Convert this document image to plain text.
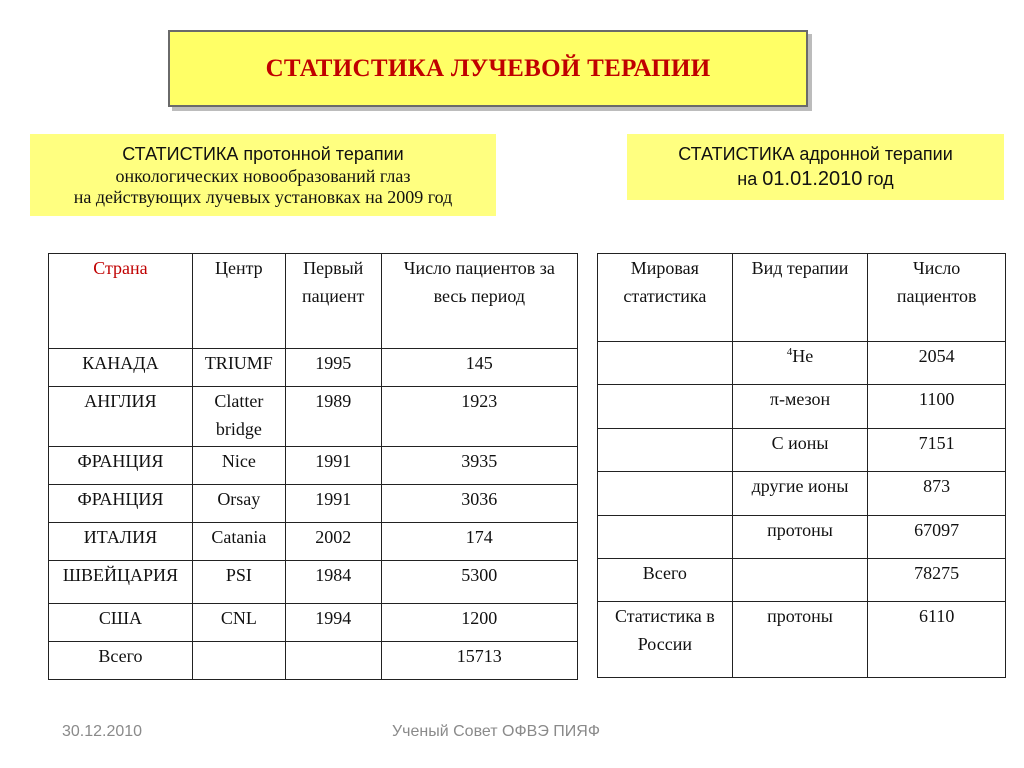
СТАТИСТИКА ЛУЧЕВОЙ ТЕРАПИИ
СТАТИСТИКА протонной терапии
онкологических новообразований глаз
на действующих лучевых установках на 2009 год
СТАТИСТИКА адронной терапии
на 01.01.2010 год
Страна	Центр	Первый пациент	Число пациентов за весь период
КАНАДА	TRIUMF	1995	145
АНГЛИЯ	Clatter bridge	1989	1923
ФРАНЦИЯ	Nice	1991	3935
ФРАНЦИЯ	Orsay	1991	3036
ИТАЛИЯ	Catania	2002	174
ШВЕЙЦАРИЯ	PSI	1984	5300
США	CNL	1994	1200
Всего			15713
Мировая статистика	Вид терапии	Число пациентов
	$^4$He	2054
	π-мезон	1100
	С ионы	7151
	другие ионы	873
	протоны	67097
Всего		78275
Статистика в России	протоны	6110
30.12.2010	Ученый Совет ОФВЭ ПИЯФ
